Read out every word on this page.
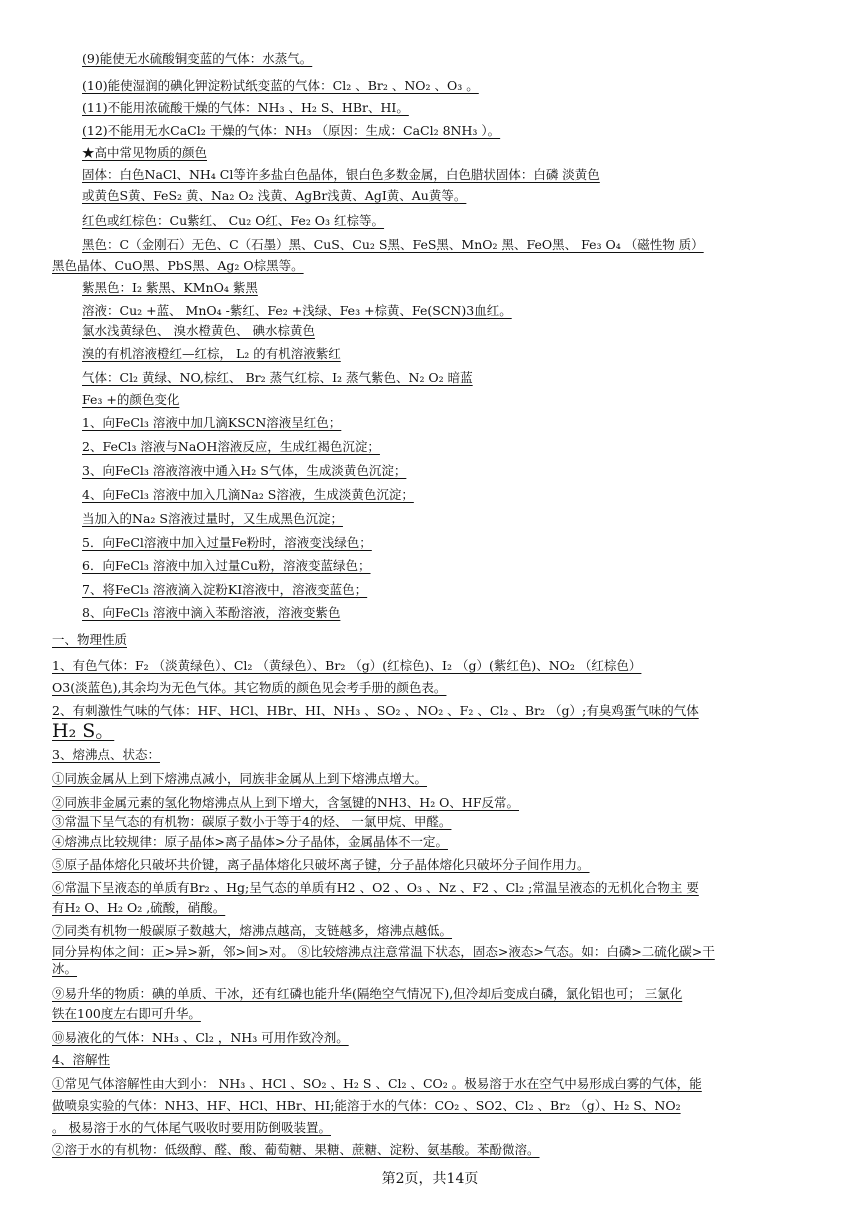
(9)能使无水硫酸铜变蓝的气体：水蒸气。
(10)能使湿润的碘化钾淀粉试纸变蓝的气体：Cl₂ 、Br₂ 、NO₂ 、O₃ 。
(11)不能用浓硫酸干燥的气体：NH₃ 、H₂ S、HBr、HI。
(12)不能用无水CaCl₂ 干燥的气体：NH₃ （原因：生成：CaCl₂ 8NH₃ ）。
★高中常见物质的颜色
固体：白色NaCl、NH₄ Cl等许多盐白色晶体，银白色多数金属，白色腊状固体：白磷 淡黄色
或黄色S黄、FeS₂ 黄、Na₂ O₂ 浅黄、AgBr浅黄、AgI黄、Au黄等。
红色或红棕色：Cu紫红、 Cu₂ O红、Fe₂ O₃ 红棕等。
黑色：C（金刚石）无色、C（石墨）黑、CuS、Cu₂ S黑、FeS黑、MnO₂ 黑、FeO黑、 Fe₃ O₄ （磁性物 质）
黑色晶体、CuO黑、PbS黑、Ag₂ O棕黑等。
紫黑色：I₂ 紫黑、KMnO₄ 紫黑
溶液：Cu₂ +蓝、 MnO₄ -紫红、Fe₂ +浅绿、Fe₃ +棕黄、Fe(SCN)3血红。
氯水浅黄绿色、 溴水橙黄色、 碘水棕黄色
溴的有机溶液橙红—红棕， L₂ 的有机溶液紫红
气体：Cl₂ 黄绿、NO,棕红、 Br₂ 蒸气红棕、I₂ 蒸气紫色、N₂ O₂ 暗蓝
Fe₃ +的颜色变化
1、向FeCl₃ 溶液中加几滴KSCN溶液呈红色；
2、FeCl₃ 溶液与NaOH溶液反应，生成红褐色沉淀；
3、向FeCl₃ 溶液溶液中通入H₂ S气体，生成淡黄色沉淀；
4、向FeCl₃ 溶液中加入几滴Na₂ S溶液，生成淡黄色沉淀；
当加入的Na₂ S溶液过量时，又生成黑色沉淀；
5．向FeCl溶液中加入过量Fe粉时，溶液变浅绿色；
6．向FeCl₃ 溶液中加入过量Cu粉，溶液变蓝绿色；
7、将FeCl₃ 溶液滴入淀粉KI溶液中，溶液变蓝色；
8、向FeCl₃ 溶液中滴入苯酚溶液，溶液变紫色
一、物理性质
1、有色气体：F₂ （淡黄绿色）、Cl₂ （黄绿色）、Br₂ （g）(红棕色)、I₂ （g）(紫红色)、NO₂ （红棕色）
O3(淡蓝色),其余均为无色气体。其它物质的颜色见会考手册的颜色表。
2、有刺激性气味的气体：HF、HCl、HBr、HI、NH₃ 、SO₂ 、NO₂ 、F₂ 、Cl₂ 、Br₂ （g）;有臭鸡蛋气味的气体
H₂ S。
3、熔沸点、状态：
①同族金属从上到下熔沸点减小，同族非金属从上到下熔沸点增大。
②同族非金属元素的氢化物熔沸点从上到下增大，含氢键的NH3、H₂ O、HF反常。
③常温下呈气态的有机物：碳原子数小于等于4的烃、 一氯甲烷、甲醛。
④熔沸点比较规律：原子晶体>离子晶体>分子晶体，金属晶体不一定。
⑤原子晶体熔化只破坏共价键，离子晶体熔化只破坏离子键，分子晶体熔化只破坏分子间作用力。
⑥常温下呈液态的单质有Br₂ 、Hg;呈气态的单质有H2 、O2 、O₃ 、Nz 、F2 、Cl₂ ;常温呈液态的无机化合物主 要
有H₂ O、H₂ O₂ ,硫酸，硝酸。
⑦同类有机物一般碳原子数越大，熔沸点越高，支链越多，熔沸点越低。
同分异构体之间：正>异>新，邻>间>对。 ⑧比较熔沸点注意常温下状态，固态>液态>气态。如：白磷>二硫化碳>干
冰。
⑨易升华的物质：碘的单质、干冰，还有红磷也能升华(隔绝空气情况下),但冷却后变成白磷，氯化铝也可； 三氯化
铁在100度左右即可升华。
⑩易液化的气体：NH₃ 、Cl₂ ，NH₃ 可用作致冷剂。
4、溶解性
①常见气体溶解性由大到小： NH₃ 、HCl 、SO₂ 、H₂ S 、Cl₂ 、CO₂ 。极易溶于水在空气中易形成白雾的气体，能
做喷泉实验的气体：NH3、HF、HCl、HBr、HI;能溶于水的气体：CO₂ 、SO2、Cl₂ 、Br₂ （g）、H₂ S、NO₂
。 极易溶于水的气体尾气吸收时要用防倒吸装置。
②溶于水的有机物：低级醇、醛、酸、葡萄糖、果糖、蔗糖、淀粉、氨基酸。苯酚微溶。
第2页，共14页
